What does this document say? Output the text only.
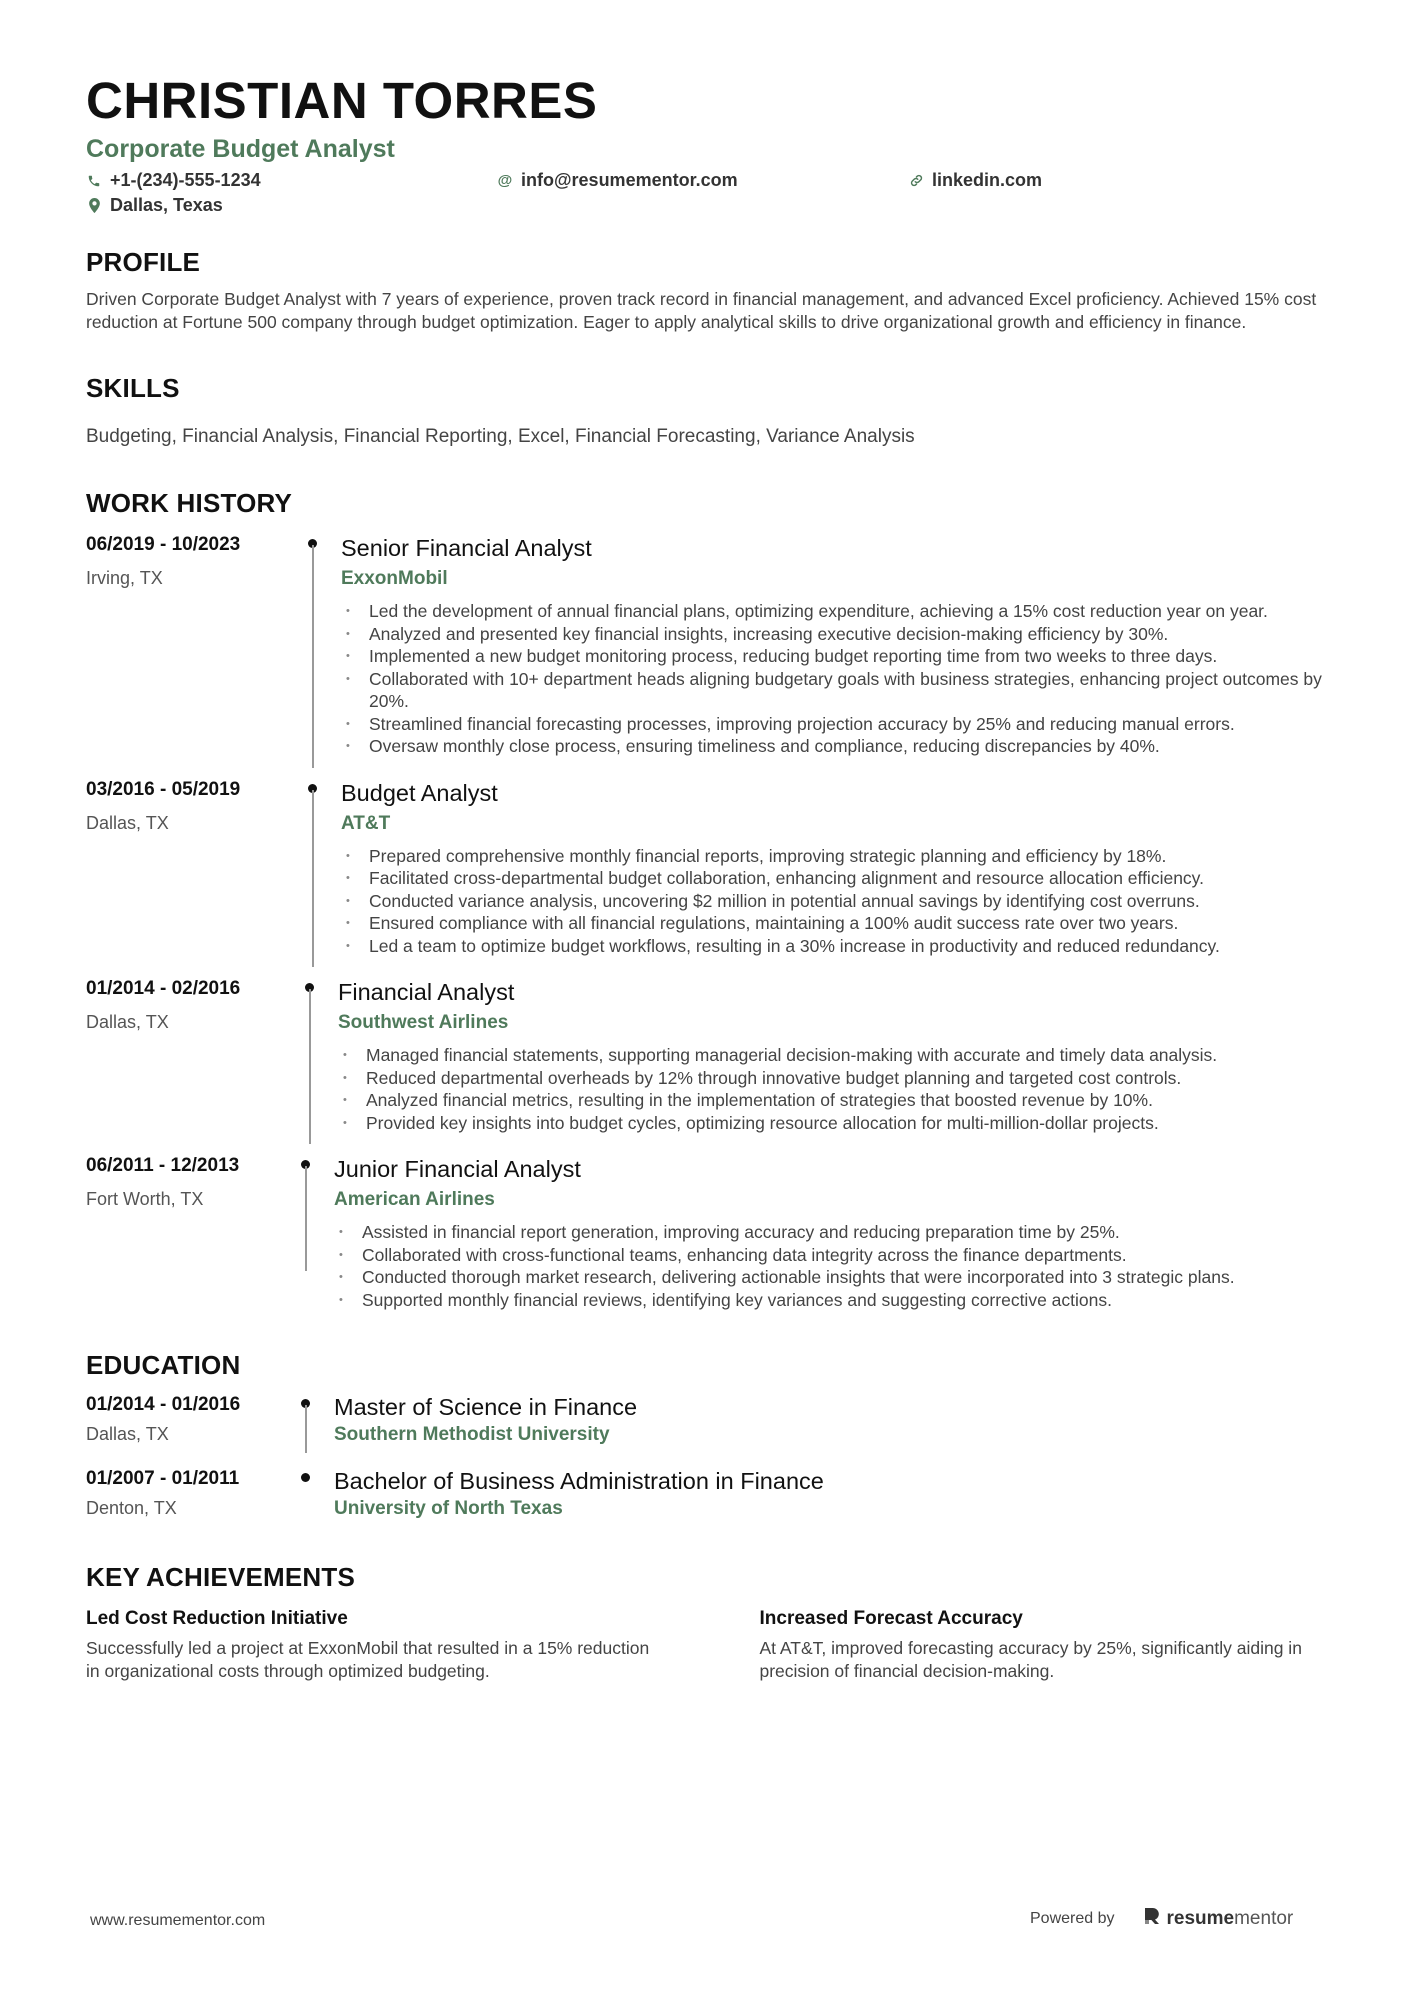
CHRISTIAN TORRES
Corporate Budget Analyst
+1-(234)-555-1234	@ info@resumementor.com	linkedin.com
Dallas, Texas
PROFILE
Driven Corporate Budget Analyst with 7 years of experience, proven track record in financial management, and advanced Excel proficiency. Achieved 15% cost reduction at Fortune 500 company through budget optimization. Eager to apply analytical skills to drive organizational growth and efficiency in finance.
SKILLS
Budgeting, Financial Analysis, Financial Reporting, Excel, Financial Forecasting, Variance Analysis
WORK HISTORY
06/2019 - 10/2023
Irving, TX
Senior Financial Analyst
ExxonMobil
• Led the development of annual financial plans, optimizing expenditure, achieving a 15% cost reduction year on year.
• Analyzed and presented key financial insights, increasing executive decision-making efficiency by 30%.
• Implemented a new budget monitoring process, reducing budget reporting time from two weeks to three days.
• Collaborated with 10+ department heads aligning budgetary goals with business strategies, enhancing project outcomes by 20%.
• Streamlined financial forecasting processes, improving projection accuracy by 25% and reducing manual errors.
• Oversaw monthly close process, ensuring timeliness and compliance, reducing discrepancies by 40%.
03/2016 - 05/2019
Dallas, TX
Budget Analyst
AT&T
• Prepared comprehensive monthly financial reports, improving strategic planning and efficiency by 18%.
• Facilitated cross-departmental budget collaboration, enhancing alignment and resource allocation efficiency.
• Conducted variance analysis, uncovering $2 million in potential annual savings by identifying cost overruns.
• Ensured compliance with all financial regulations, maintaining a 100% audit success rate over two years.
• Led a team to optimize budget workflows, resulting in a 30% increase in productivity and reduced redundancy.
01/2014 - 02/2016
Dallas, TX
Financial Analyst
Southwest Airlines
• Managed financial statements, supporting managerial decision-making with accurate and timely data analysis.
• Reduced departmental overheads by 12% through innovative budget planning and targeted cost controls.
• Analyzed financial metrics, resulting in the implementation of strategies that boosted revenue by 10%.
• Provided key insights into budget cycles, optimizing resource allocation for multi-million-dollar projects.
06/2011 - 12/2013
Fort Worth, TX
Junior Financial Analyst
American Airlines
• Assisted in financial report generation, improving accuracy and reducing preparation time by 25%.
• Collaborated with cross-functional teams, enhancing data integrity across the finance departments.
• Conducted thorough market research, delivering actionable insights that were incorporated into 3 strategic plans.
• Supported monthly financial reviews, identifying key variances and suggesting corrective actions.
EDUCATION
01/2014 - 01/2016
Dallas, TX
Master of Science in Finance
Southern Methodist University
01/2007 - 01/2011
Denton, TX
Bachelor of Business Administration in Finance
University of North Texas
KEY ACHIEVEMENTS
Led Cost Reduction Initiative
Successfully led a project at ExxonMobil that resulted in a 15% reduction in organizational costs through optimized budgeting.
Increased Forecast Accuracy
At AT&T, improved forecasting accuracy by 25%, significantly aiding in precision of financial decision-making.
www.resumementor.com	Powered by	resumementor
